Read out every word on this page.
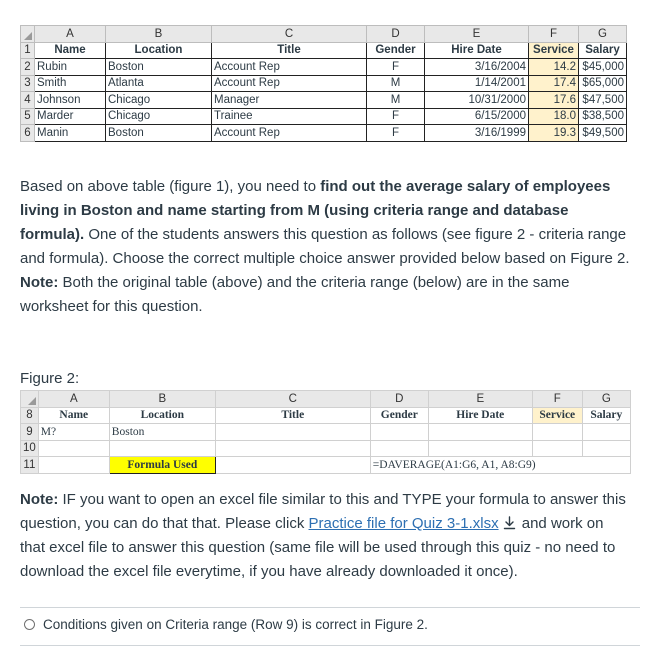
	A	B	C	D	E	F	G
1	Name	Location	Title	Gender	Hire Date	Service	Salary
2	Rubin	Boston	Account Rep	F	3/16/2004	14.2	$45,000
3	Smith	Atlanta	Account Rep	M	1/14/2001	17.4	$65,000
4	Johnson	Chicago	Manager	M	10/31/2000	17.6	$47,500
5	Marder	Chicago	Trainee	F	6/15/2000	18.0	$38,500
6	Manin	Boston	Account Rep	F	3/16/1999	19.3	$49,500

Based on above table (figure 1), you need to find out the average salary of employees living in Boston and name starting from M (using criteria range and database formula). One of the students answers this question as follows (see figure 2 - criteria range and formula). Choose the correct multiple choice answer provided below based on Figure 2. Note: Both the original table (above) and the criteria range (below) are in the same worksheet for this question.

Figure 2:
	A	B	C	D	E	F	G
8	Name	Location	Title	Gender	Hire Date	Service	Salary
9	M?	Boston					
10							
11		Formula Used		=DAVERAGE(A1:G6, A1, A8:G9)			

Note: IF you want to open an excel file similar to this and TYPE your formula to answer this question, you can do that that. Please click Practice file for Quiz 3-1.xlsx and work on that excel file to answer this question (same file will be used through this quiz - no need to download the excel file everytime, if you have already downloaded it once).

Conditions given on Criteria range (Row 9) is correct in Figure 2.
